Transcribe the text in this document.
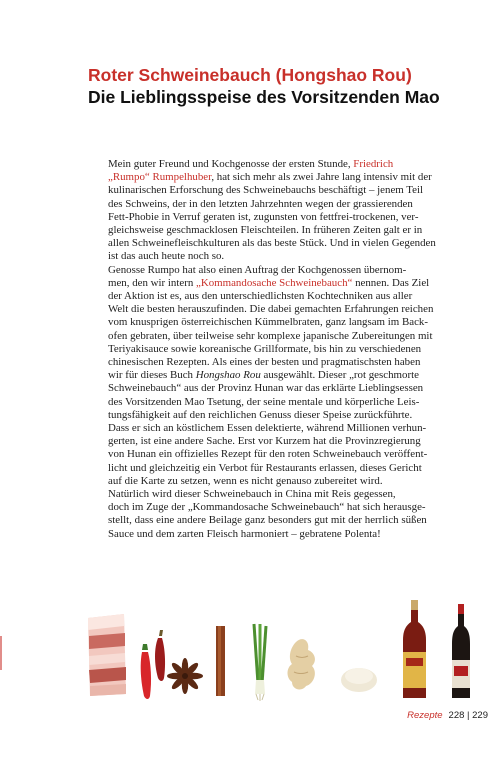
Roter Schweinebauch (Hongshao Rou)
Die Lieblingsspeise des Vorsitzenden Mao

Mein guter Freund und Kochgenosse der ersten Stunde, Friedrich
„Rumpo“ Rumpelhuber, hat sich mehr als zwei Jahre lang intensiv mit der
kulinarischen Erforschung des Schweinebauchs beschäftigt – jenem Teil
des Schweins, der in den letzten Jahrzehnten wegen der grassierenden
Fett-Phobie in Verruf geraten ist, zugunsten von fettfrei-trockenen, ver-
gleichsweise geschmacklosen Fleischteilen. In früheren Zeiten galt er in
allen Schweinefleischkulturen als das beste Stück. Und in vielen Gegenden
ist das auch heute noch so.

Genosse Rumpo hat also einen Auftrag der Kochgenossen übernom-
men, den wir intern „Kommandosache Schweinebauch“ nennen. Das Ziel
der Aktion ist es, aus den unterschiedlichsten Kochtechniken aus aller
Welt die besten herauszufinden. Die dabei gemachten Erfahrungen reichen
vom knusprigen österreichischen Kümmelbraten, ganz langsam im Back-
ofen gebraten, über teilweise sehr komplexe japanische Zubereitungen mit
Teriyakisauce sowie koreanische Grillformate, bis hin zu verschiedenen
chinesischen Rezepten. Als eines der besten und pragmatischsten haben
wir für dieses Buch Hongshao Rou ausgewählt. Dieser „rot geschmorte
Schweinebauch“ aus der Provinz Hunan war das erklärte Lieblingsessen
des Vorsitzenden Mao Tsetung, der seine mentale und körperliche Leis-
tungsfähigkeit auf den reichlichen Genuss dieser Speise zurückführte.
Dass er sich an köstlichem Essen delektierte, während Millionen verhun-
gerten, ist eine andere Sache. Erst vor Kurzem hat die Provinzregierung
von Hunan ein offizielles Rezept für den roten Schweinebauch veröffent-
licht und gleichzeitig ein Verbot für Restaurants erlassen, dieses Gericht
auf die Karte zu setzen, wenn es nicht genauso zubereitet wird.

Natürlich wird dieser Schweinebauch in China mit Reis gegessen,
doch im Zuge der „Kommandosache Schweinebauch“ hat sich herausge-
stellt, dass eine andere Beilage ganz besonders gut mit der herrlich süßen
Sauce und dem zarten Fleisch harmoniert – gebratene Polenta!

Rezepte 228 | 229
